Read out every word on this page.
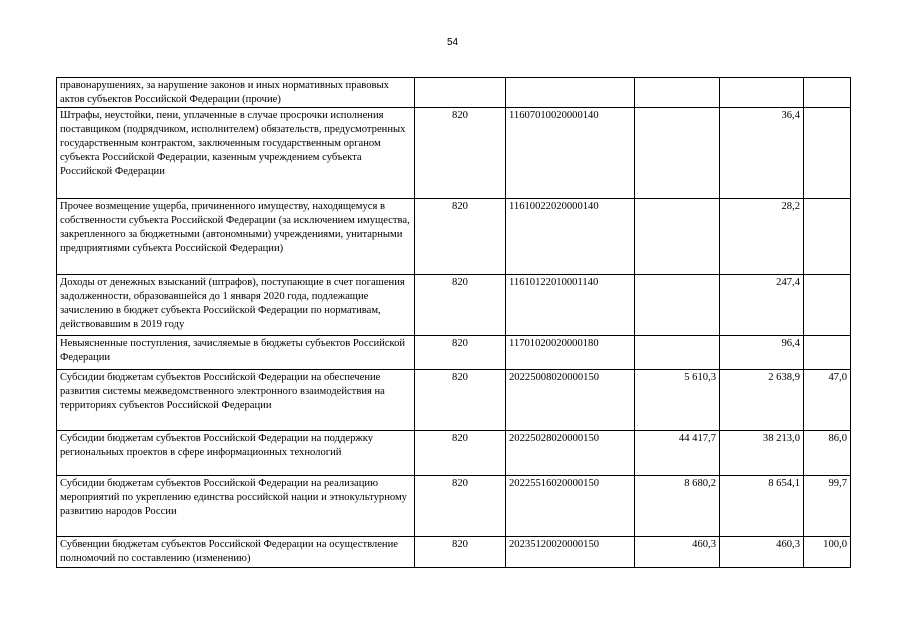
54
правонарушениях, за нарушение законов и иных нормативных правовых актов субъектов Российской Федерации (прочие)					
Штрафы, неустойки, пени, уплаченные в случае просрочки исполнения поставщиком (подрядчиком, исполнителем) обязательств, предусмотренных государственным контрактом, заключенным государственным органом субъекта Российской Федерации, казенным учреждением субъекта Российской Федерации	820	11607010020000140		36,4	
Прочее возмещение ущерба, причиненного имуществу, находящемуся в собственности субъекта Российской Федерации (за исключением имущества, закрепленного за бюджетными (автономными) учреждениями, унитарными предприятиями субъекта Российской Федерации)	820	11610022020000140		28,2	
Доходы от денежных взысканий (штрафов), поступающие в счет погашения задолженности, образовавшейся до 1 января 2020 года, подлежащие зачислению в бюджет субъекта Российской Федерации по нормативам, действовавшим в 2019 году	820	11610122010001140		247,4	
Невыясненные поступления, зачисляемые в бюджеты субъектов Российской Федерации	820	11701020020000180		96,4	
Субсидии бюджетам субъектов Российской Федерации на обеспечение развития системы межведомственного электронного взаимодействия на территориях субъектов Российской Федерации	820	20225008020000150	5 610,3	2 638,9	47,0
Субсидии бюджетам субъектов Российской Федерации на поддержку региональных проектов в сфере информационных технологий	820	20225028020000150	44 417,7	38 213,0	86,0
Субсидии бюджетам субъектов Российской Федерации на реализацию мероприятий по укреплению единства российской нации и этнокультурному развитию народов России	820	20225516020000150	8 680,2	8 654,1	99,7
Субвенции бюджетам субъектов Российской Федерации на осуществление полномочий по составлению (изменению)	820	20235120020000150	460,3	460,3	100,0
